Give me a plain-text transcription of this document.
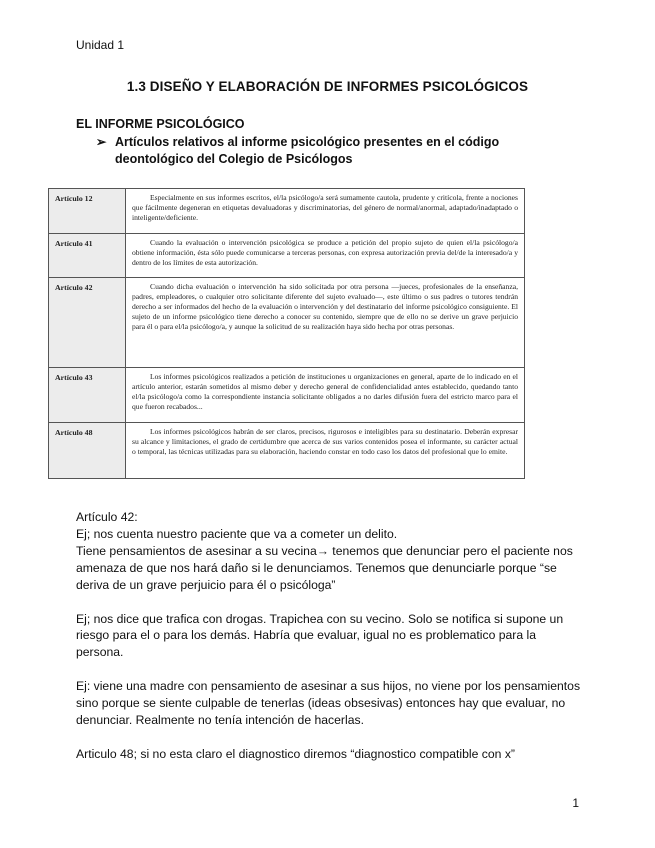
Unidad 1
1.3 DISEÑO Y ELABORACIÓN DE INFORMES PSICOLÓGICOS
EL INFORME PSICOLÓGICO
➢ Artículos relativos al informe psicológico presentes en el código deontológico del Colegio de Psicólogos
Artículo 12	Especialmente en sus informes escritos, el/la psicólogo/a será sumamente cautola, prudente y critícola, frente a nociones que fácilmente degeneran en etiquetas devaluadoras y discriminatorias, del género de normal/anormal, adaptado/inadaptado o inteligente/deficiente.

Artículo 41	Cuando la evaluación o intervención psicológica se produce a petición del propio sujeto de quien el/la psicólogo/a obtiene información, ésta sólo puede comunicarse a terceras personas, con expresa autorización previa del/de la interesado/a y dentro de los límites de esta autorización.

Artículo 42	Cuando dicha evaluación o intervención ha sido solicitada por otra persona —jueces, profesionales de la enseñanza, padres, empleadores, o cualquier otro solicitante diferente del sujeto evaluado—, este último o sus padres o tutores tendrán derecho a ser informados del hecho de la evaluación o intervención y del destinatario del informe psicológico consiguiente. El sujeto de un informe psicológico tiene derecho a conocer su contenido, siempre que de ello no se derive un grave perjuicio para él o para el/la psicólogo/a, y aunque la solicitud de su realización haya sido hecha por otras personas.

Artículo 43	Los informes psicológicos realizados a petición de instituciones u organizaciones en general, aparte de lo indicado en el artículo anterior, estarán sometidos al mismo deber y derecho general de confidencialidad antes establecido, quedando tanto el/la psicólogo/a como la correspondiente instancia solicitante obligados a no darles difusión fuera del estricto marco para el que fueron recabados...

Artículo 48	Los informes psicológicos habrán de ser claros, precisos, rigurosos e inteligibles para su destinatario. Deberán expresar su alcance y limitaciones, el grado de certidumbre que acerca de sus varios contenidos posea el informante, su carácter actual o temporal, las técnicas utilizadas para su elaboración, haciendo constar en todo caso los datos del profesional que lo emite.

Artículo 42:

Ej; nos cuenta nuestro paciente que va a cometer un delito.

Tiene pensamientos de asesinar a su vecina→ tenemos que denunciar pero el paciente nos amenaza de que nos hará daño si le denunciamos. Tenemos que denunciarle porque “se deriva de un grave perjuicio para él o psicóloga”

Ej; nos dice que trafica con drogas. Trapichea con su vecino. Solo se notifica si supone un riesgo para el o para los demás. Habría que evaluar, igual no es problematico para la persona.

Ej: viene una madre con pensamiento de asesinar a sus hijos, no viene por los pensamientos sino porque se siente culpable de tenerlas (ideas obsesivas) entonces hay que evaluar, no denunciar. Realmente no tenía intención de hacerlas.

Articulo 48; si no esta claro el diagnostico diremos “diagnostico compatible con x”

1
